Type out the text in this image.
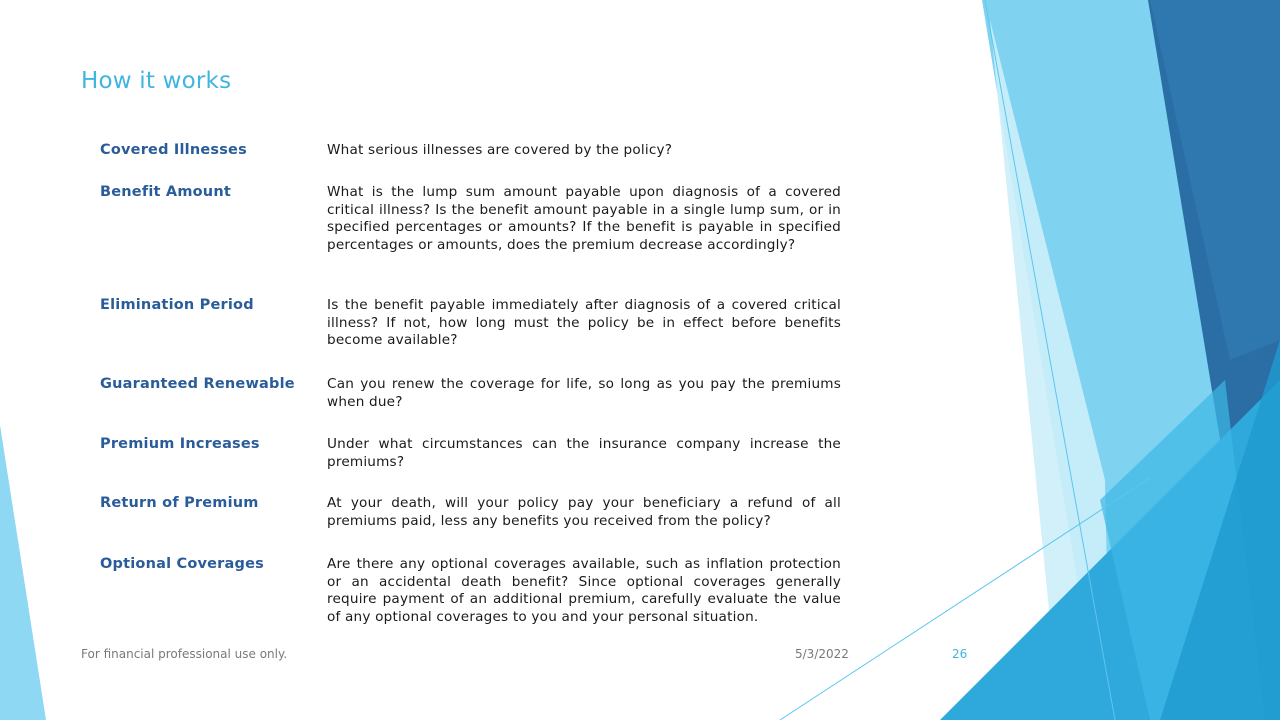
How it works
Covered Illnesses	What serious illnesses are covered by the policy?
Benefit Amount	What is the lump sum amount payable upon diagnosis of a covered critical illness? Is the benefit amount payable in a single lump sum, or in specified percentages or amounts? If the benefit is payable in specified percentages or amounts, does the premium decrease accordingly?
Elimination Period	Is the benefit payable immediately after diagnosis of a covered critical illness? If not, how long must the policy be in effect before benefits become available?
Guaranteed Renewable	Can you renew the coverage for life, so long as you pay the premiums when due?
Premium Increases	Under what circumstances can the insurance company increase the premiums?
Return of Premium	At your death, will your policy pay your beneficiary a refund of all premiums paid, less any benefits you received from the policy?
Optional Coverages	Are there any optional coverages available, such as inflation protection or an accidental death benefit? Since optional coverages generally require payment of an additional premium, carefully evaluate the value of any optional coverages to you and your personal situation.
For financial professional use only.	5/3/2022	26
